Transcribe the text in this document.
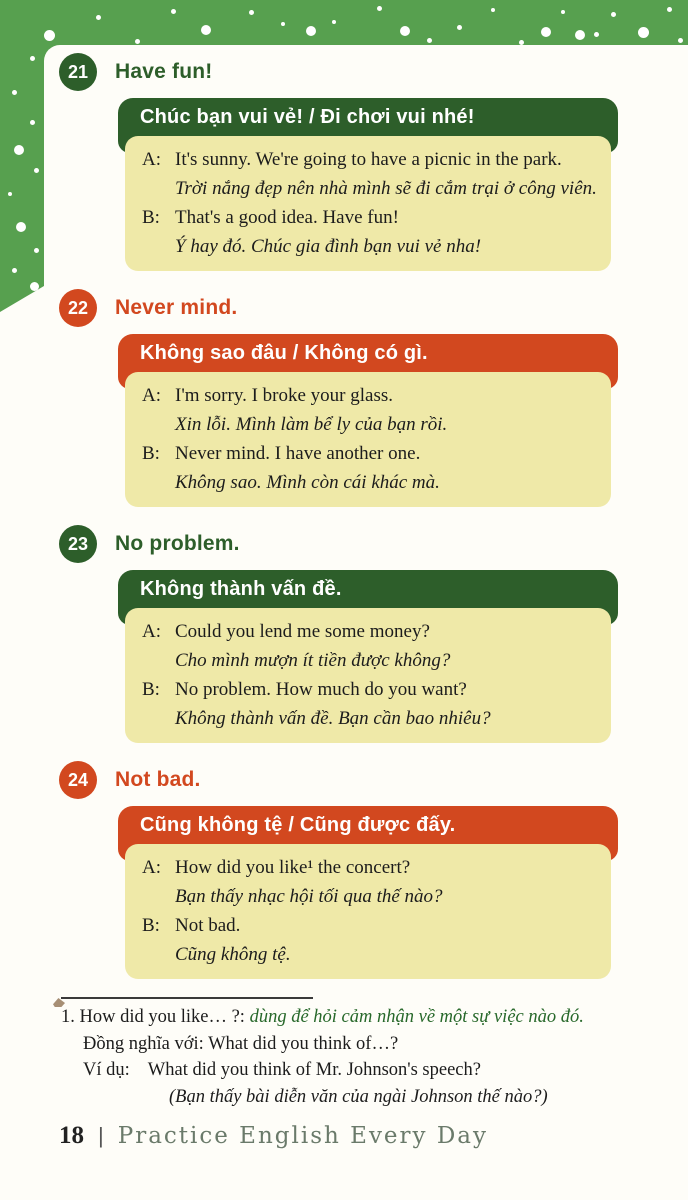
21	Have fun!
Chúc bạn vui vẻ! / Đi chơi vui nhé!
A: It's sunny. We're going to have a picnic in the park.
Trời nắng đẹp nên nhà mình sẽ đi cắm trại ở công viên.
B: That's a good idea. Have fun!
Ý hay đó. Chúc gia đình bạn vui vẻ nha!
22	Never mind.
Không sao đâu / Không có gì.
A: I'm sorry. I broke your glass.
Xin lỗi. Mình làm bể ly của bạn rồi.
B: Never mind. I have another one.
Không sao. Mình còn cái khác mà.
23	No problem.
Không thành vấn đề.
A: Could you lend me some money?
Cho mình mượn ít tiền được không?
B: No problem. How much do you want?
Không thành vấn đề. Bạn cần bao nhiêu?
24	Not bad.
Cũng không tệ / Cũng được đấy.
A: How did you like¹ the concert?
Bạn thấy nhạc hội tối qua thế nào?
B: Not bad.
Cũng không tệ.
1. How did you like… ?: dùng để hỏi cảm nhận về một sự việc nào đó.
Đồng nghĩa với: What did you think of…?
Ví dụ: What did you think of Mr. Johnson's speech?
(Bạn thấy bài diễn văn của ngài Johnson thế nào?)
18 | Practice English Every Day
